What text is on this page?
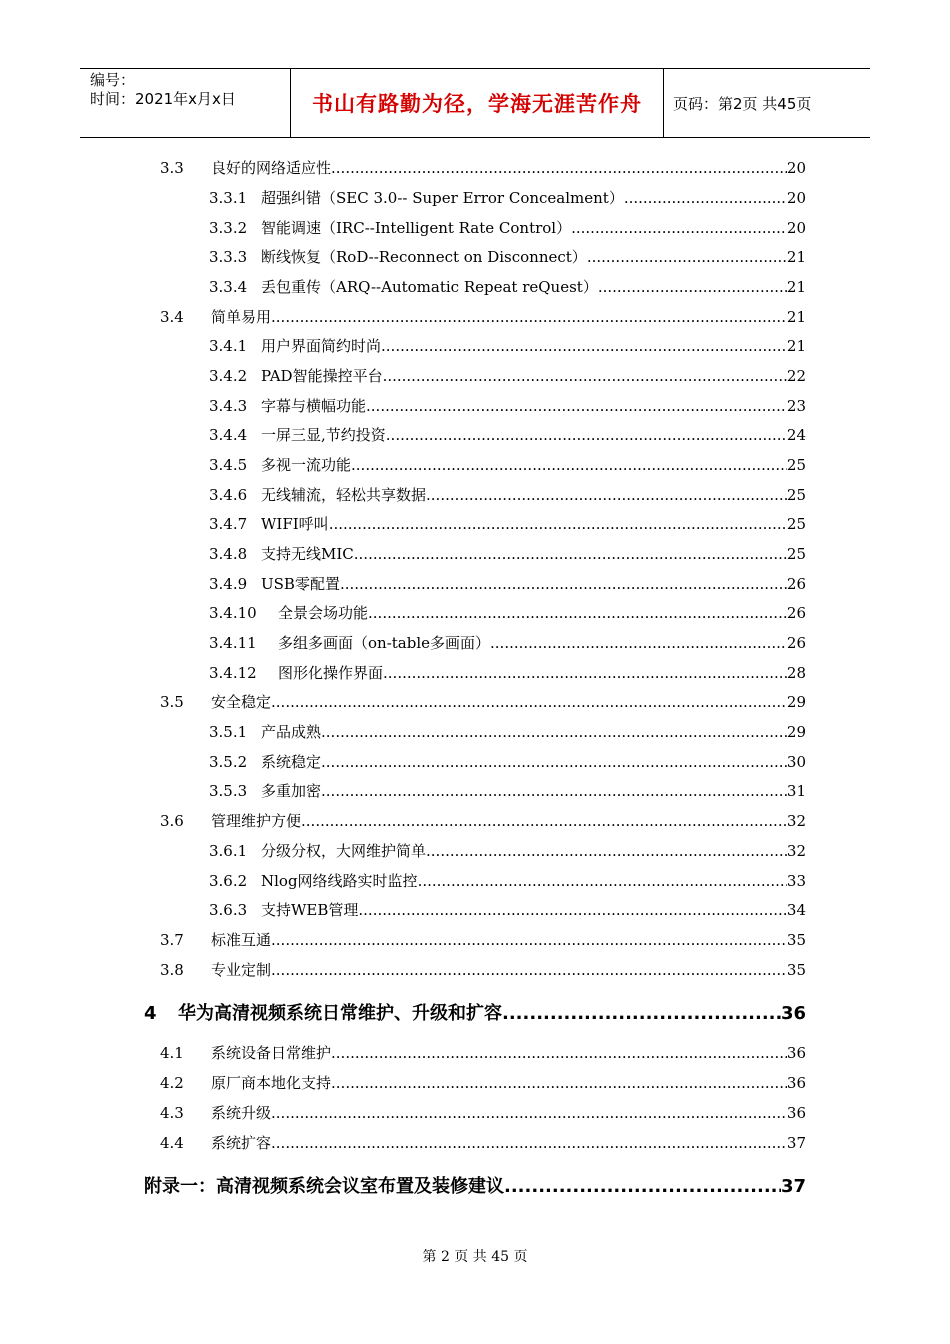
编号：
时间：2021年x月x日	书山有路勤为径，学海无涯苦作舟	页码：第2页 共45页
3.3	良好的网络适应性 .....	20
3.3.1 超强纠错（SEC 3.0-- Super Error Concealment） .....	20
3.3.2 智能调速（IRC--Intelligent Rate Control） .....	20
3.3.3 断线恢复（RoD--Reconnect on Disconnect） .....	21
3.3.4 丢包重传（ARQ--Automatic Repeat reQuest） .....	21
3.4	简单易用 .....	21
3.4.1 用户界面简约时尚 .....	21
3.4.2 PAD智能操控平台 .....	22
3.4.3 字幕与横幅功能 .....	23
3.4.4 一屏三显,节约投资 .....	24
3.4.5 多视一流功能 .....	25
3.4.6 无线辅流，轻松共享数据 .....	25
3.4.7 WIFI呼叫 .....	25
3.4.8 支持无线MIC .....	25
3.4.9 USB零配置 .....	26
3.4.10	全景会场功能 .....	26
3.4.11	多组多画面（on-table多画面） .....	26
3.4.12	图形化操作界面 .....	28
3.5	安全稳定 .....	29
3.5.1 产品成熟 .....	29
3.5.2 系统稳定 .....	30
3.5.3 多重加密 .....	31
3.6	管理维护方便 .....	32
3.6.1 分级分权，大网维护简单 .....	32
3.6.2 Nlog网络线路实时监控 .....	33
3.6.3 支持WEB管理 .....	34
3.7	标准互通 .....	35
3.8	专业定制 .....	35
4	华为高清视频系统日常维护、升级和扩容 .....	36
4.1	系统设备日常维护 .....	36
4.2	原厂商本地化支持 .....	36
4.3	系统升级 .....	36
4.4	系统扩容 .....	37
附录一：高清视频系统会议室布置及装修建议 .....	37
第 2 页 共 45 页
